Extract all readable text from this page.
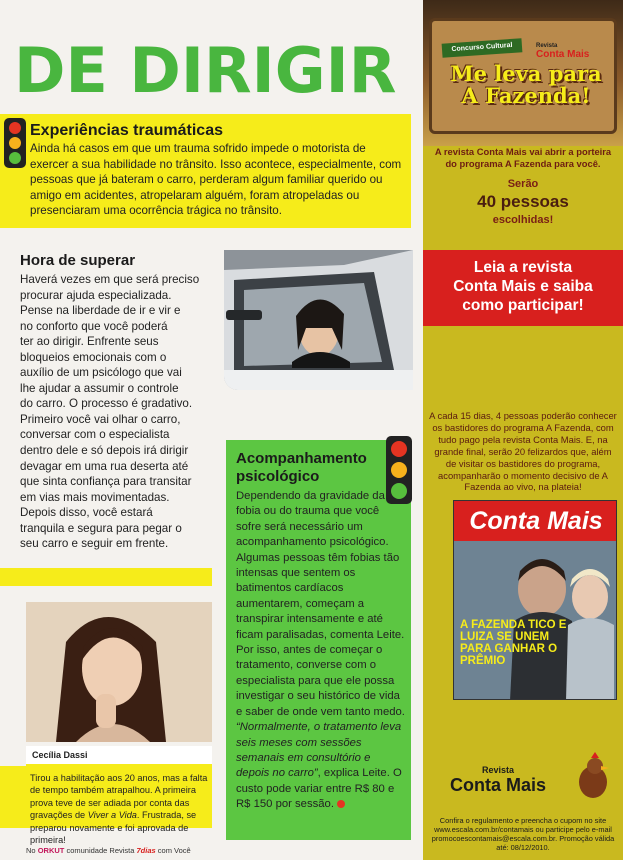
DE DIRIGIR
Experiências traumáticas
Ainda há casos em que um trauma sofrido impede o motorista de exercer a sua habilidade no trânsito. Isso acontece, especialmente, com pessoas que já bateram o carro, perderam algum familiar querido ou amigo em acidentes, atropelaram alguém, foram atropeladas ou presenciaram uma ocorrência trágica no trânsito.
Hora de superar
Haverá vezes em que será preciso
procurar ajuda especializada.
Pense na liberdade de ir e vir e
no conforto que você poderá
ter ao dirigir. Enfrente seus
bloqueios emocionais com o
auxílio de um psicólogo que vai
lhe ajudar a assumir o controle
do carro. O processo é gradativo.
Primeiro você vai olhar o carro,
conversar com o especialista
dentro dele e só depois irá dirigir
devagar em uma rua deserta até
que sinta confiança para transitar
em vias mais movimentadas.
Depois disso, você estará
tranquila e segura para pegar o
seu carro e seguir em frente.
Acompanhamento
psicológico
Dependendo da gravidade da fobia ou do trauma que você sofre será necessário um acompanhamento psicológico. Algumas pessoas têm fobias tão intensas que sentem os batimentos cardíacos aumentarem, começam a transpirar intensamente e até ficam paralisadas, comenta Leite. Por isso, antes de começar o tratamento, converse com o especialista para que ele possa investigar o seu histórico de vida e saber de onde vem tanto medo. “Normalmente, o tratamento leva seis meses com sessões semanais em consultório e depois no carro”, explica Leite. O custo pode variar entre R$ 80 e R$ 150 por sessão.
Cecília Dassi
Tirou a habilitação aos 20 anos, mas a falta de tempo também atrapalhou. A primeira prova teve de ser adiada por conta das gravações de Viver a Vida. Frustrada, se preparou novamente e foi aprovada de primeira!
No ORKUT comunidade Revista 7dias com Você
Concurso Cultural	Revista
Conta Mais
Me leva para
A Fazenda!
A revista Conta Mais vai abrir a porteira do programa A Fazenda para você.
Serão
40 pessoas
escolhidas!
Leia a revista
Conta Mais e saiba
como participar!
A cada 15 dias, 4 pessoas poderão conhecer os bastidores do programa A Fazenda, com tudo pago pela revista Conta Mais. E, na grande final, serão 20 felizardos que, além de visitar os bastidores do programa, acompanharão o momento decisivo de A Fazenda ao vivo, na plateia!
Conta Mais
A FAZENDA TICO E LUIZA SE UNEM PARA GANHAR O PRÊMIO
Revista
Conta Mais
Confira o regulamento e preencha o cupom no site www.escala.com.br/contamais ou participe pelo e-mail promocoescontamais@escala.com.br. Promoção válida até: 08/12/2010.
